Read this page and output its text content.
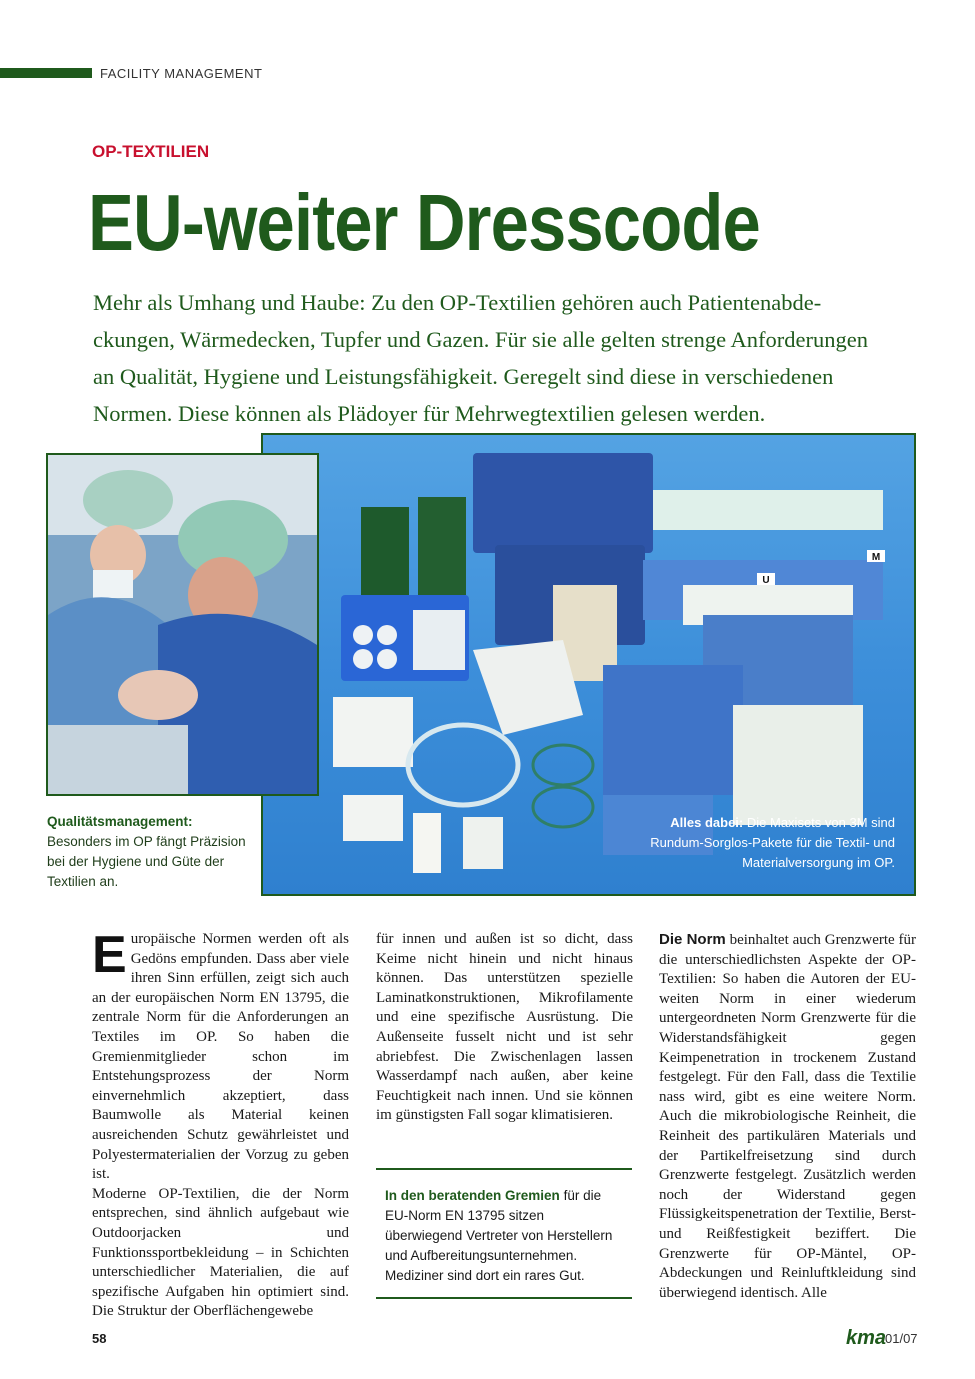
FACILITY MANAGEMENT
OP-TEXTILIEN
EU-weiter Dresscode

Mehr als Umhang und Haube: Zu den OP-Textilien gehören auch Patientenabde-

ckungen, Wärmedecken, Tupfer und Gazen. Für sie alle gelten strenge Anforderungen

an Qualität, Hygiene und Leistungsfähigkeit. Geregelt sind diese in verschiedenen

Normen. Diese können als Plädoyer für Mehrwegtextilien gelesen werden.

M
U
Qualitätsmanagement:
Besonders im OP fängt Präzision bei der Hygiene und Güte der Textilien an.
Alles dabei: Die Maxisets von 3M sind Rundum-Sorglos-Pakete für die Textil- und Materialversorgung im OP.

Europäische Normen werden oft als Gedöns empfunden. Dass aber viele ihren Sinn erfüllen, zeigt sich auch an der europäischen Norm EN 13795, die zentrale Norm für die Anforderungen an Textiles im OP. So haben die Gremienmitglieder schon im Entstehungsprozess der Norm einvernehmlich akzeptiert, dass Baumwolle als Material keinen ausreichenden Schutz gewährleistet und Polyestermaterialien der Vorzug zu geben ist.

Moderne OP-Textilien, die der Norm entsprechen, sind ähnlich aufgebaut wie Outdoorjacken und Funktionssportbekleidung – in Schichten unterschiedlicher Materialien, die auf spezifische Aufgaben hin optimiert sind. Die Struktur der Oberflächengewebe

für innen und außen ist so dicht, dass Keime nicht hinein und nicht hinaus können. Das unterstützen spezielle Laminatkonstruktionen, Mikrofilamente und eine spezifische Ausrüstung. Die Außenseite fusselt nicht und ist sehr abriebfest. Die Zwischenlagen lassen Wasserdampf nach außen, aber keine Feuchtigkeit nach innen. Und sie können im günstigsten Fall sogar klimatisieren.

In den beratenden Gremien für die EU-Norm EN 13795 sitzen überwiegend Vertreter von Herstellern und Aufbereitungsunternehmen. Mediziner sind dort ein rares Gut.

Die Norm beinhaltet auch Grenzwerte für die unterschiedlichsten Aspekte der OP-Textilien: So haben die Autoren der EU-weiten Norm in einer wiederum untergeordneten Norm Grenzwerte für die Widerstandsfähigkeit gegen Keimpenetration in trockenem Zustand festgelegt. Für den Fall, dass die Textilie nass wird, gibt es eine weitere Norm. Auch die mikrobiologische Reinheit, die Reinheit des partikulären Materials und der Partikelfreisetzung sind durch Grenzwerte festgelegt. Zusätzlich werden noch der Widerstand gegen Flüssigkeitspenetration der Textilie, Berst- und Reißfestigkeit beziffert. Die Grenzwerte für OP-Mäntel, OP-Abdeckungen und Reinluftkleidung sind überwiegend identisch. Alle

58	kma
01/07
